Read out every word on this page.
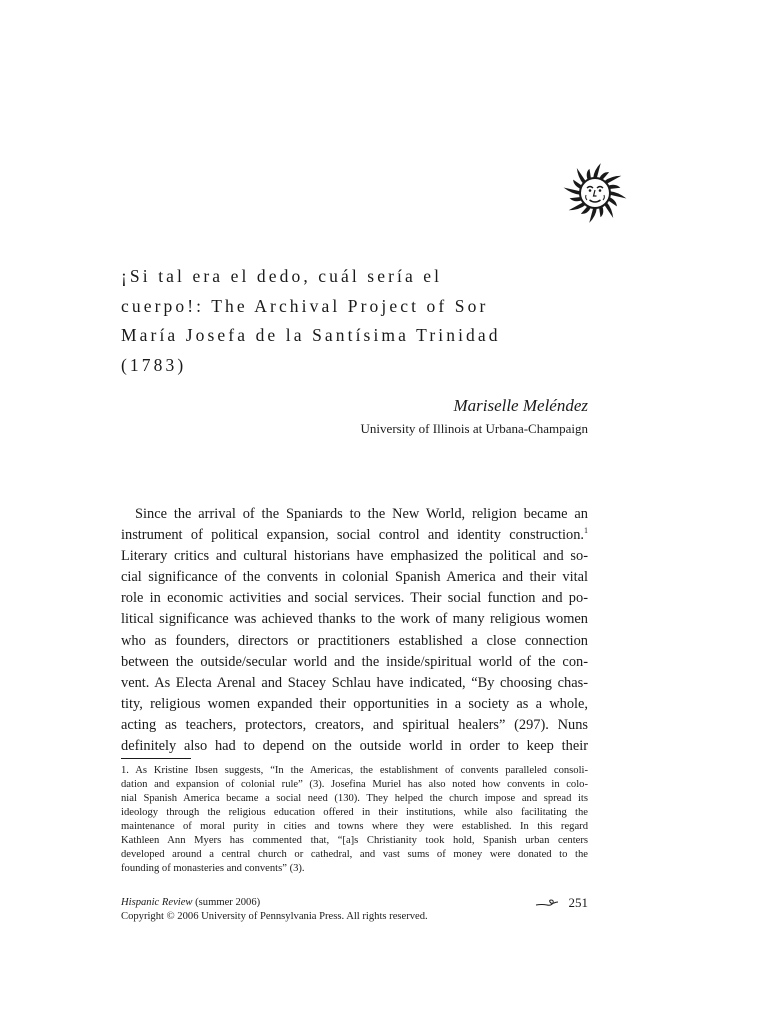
¡Si tal era el dedo, cuál sería el
cuerpo!: The Archival Project of Sor
María Josefa de la Santísima Trinidad
(1783)
Mariselle Meléndez
University of Illinois at Urbana-Champaign
Since the arrival of the Spaniards to the New World, religion became an
instrument of political expansion, social control and identity construction.$^1$
Literary critics and cultural historians have emphasized the political and so-
cial significance of the convents in colonial Spanish America and their vital
role in economic activities and social services. Their social function and po-
litical significance was achieved thanks to the work of many religious women
who as founders, directors or practitioners established a close connection
between the outside/secular world and the inside/spiritual world of the con-
vent. As Electa Arenal and Stacey Schlau have indicated, “By choosing chas-
tity, religious women expanded their opportunities in a society as a whole,
acting as teachers, protectors, creators, and spiritual healers” (297). Nuns
definitely also had to depend on the outside world in order to keep their
1. As Kristine Ibsen suggests, “In the Americas, the establishment of convents paralleled consoli-
dation and expansion of colonial rule” (3). Josefina Muriel has also noted how convents in colo-
nial Spanish America became a social need (130). They helped the church impose and spread its
ideology through the religious education offered in their institutions, while also facilitating the
maintenance of moral purity in cities and towns where they were established. In this regard
Kathleen Ann Myers has commented that, “[a]s Christianity took hold, Spanish urban centers
developed around a central church or cathedral, and vast sums of money were donated to the
founding of monasteries and convents” (3).
Hispanic Review (summer 2006)
Copyright © 2006 University of Pennsylvania Press. All rights reserved.
251
